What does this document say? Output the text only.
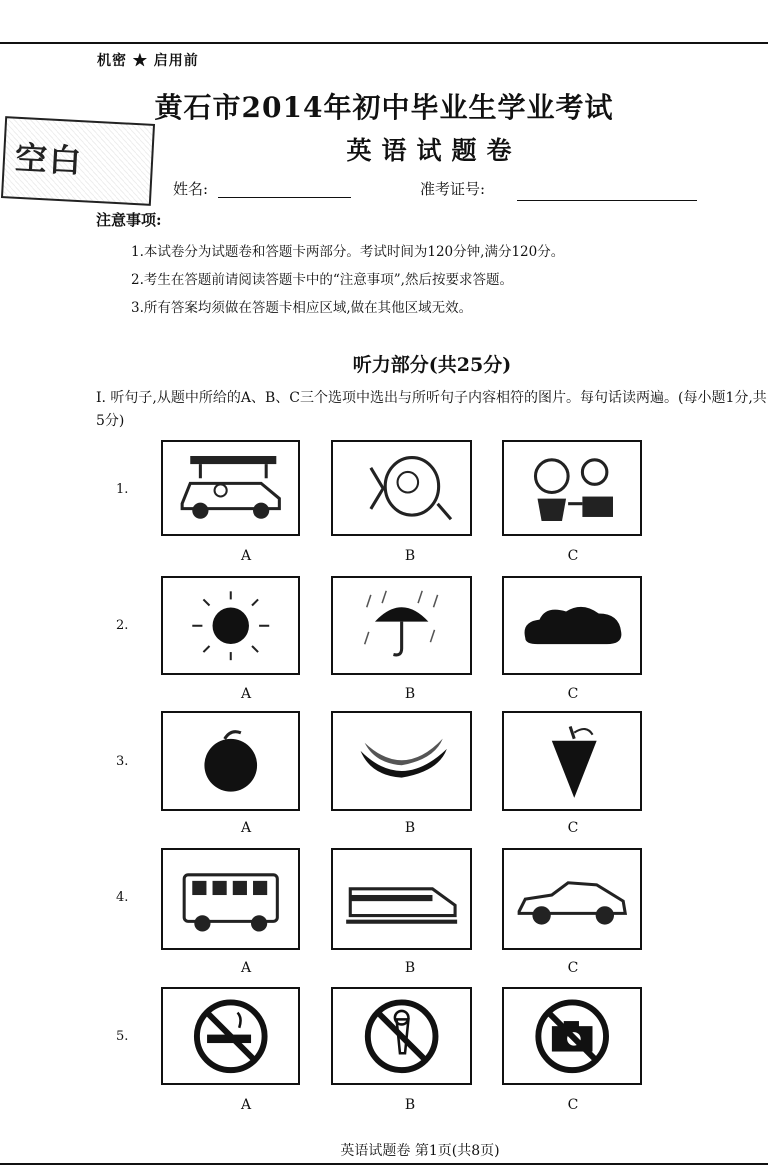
机密 ★ 启用前
黄石市2014年初中毕业生学业考试
英语试题卷
空白
姓名:	准考证号:
注意事项:
1.本试卷分为试题卷和答题卡两部分。考试时间为120分钟,满分120分。
2.考生在答题前请阅读答题卡中的“注意事项”,然后按要求答题。
3.所有答案均须做在答题卡相应区域,做在其他区域无效。
听力部分(共25分)
I. 听句子,从题中所给的A、B、C三个选项中选出与所听句子内容相符的图片。每句话读两遍。(每小题1分,共5分)
1.
A	B	C
2.
A	B	C
3.
A	B	C
4.
A	B	C
5.
A	B	C
英语试题卷 第1页(共8页)
